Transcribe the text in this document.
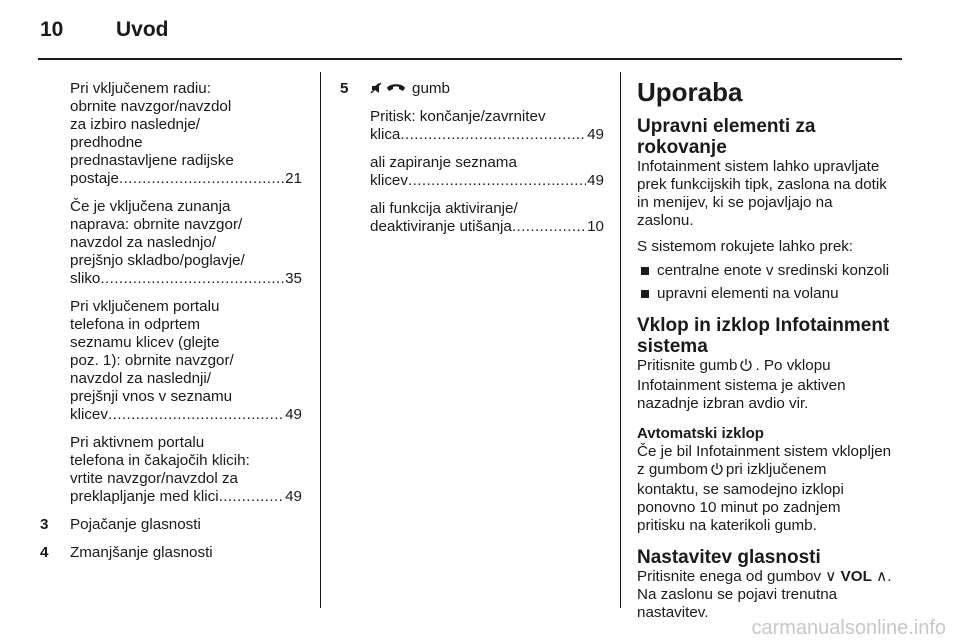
10	Uvod
Pri vključenem radiu:
obrnite navzgor/navzdol
za izbiro naslednje/
predhodne
prednastavljene radijske
postaje .....	21
Če je vključena zunanja
naprava: obrnite navzgor/
navzdol za naslednjo/
prejšnjo skladbo/poglavje/
sliko .....	35
Pri vključenem portalu
telefona in odprtem
seznamu klicev (glejte
poz. 1): obrnite navzgor/
navzdol za naslednji/
prejšnji vnos v seznamu
klicev .....	49
Pri aktivnem portalu
telefona in čakajočih klicih:
vrtite navzgor/navzdol za
preklapljanje med klici .....	49
3 Pojačanje glasnosti
4 Zmanjšanje glasnosti
5	gumb
Pritisk: končanje/zavrnitev
klica .....	49
ali zapiranje seznama
klicev .....	49
ali funkcija aktiviranje/
deaktiviranje utišanja .....	10
Uporaba
Upravni elementi za rokovanje
Infotainment sistem lahko upravljate
prek funkcijskih tipk, zaslona na dotik
in menijev, ki se pojavljajo na
zaslonu.
S sistemom rokujete lahko prek:
centralne enote v sredinski konzoli
upravni elementi na volanu
Vklop in izklop Infotainment
sistema
Pritisnite gumb . Po vklopu
Infotainment sistema je aktiven
nazadnje izbran avdio vir.
Avtomatski izklop
Če je bil Infotainment sistem vklopljen
z gumbom pri izključenem
kontaktu, se samodejno izklopi
ponovno 10 minut po zadnjem
pritisku na katerikoli gumb.
Nastavitev glasnosti
Pritisnite enega od gumbov ∨ VOL ∧.
Na zaslonu se pojavi trenutna
nastavitev.
carmanualsonline.info
